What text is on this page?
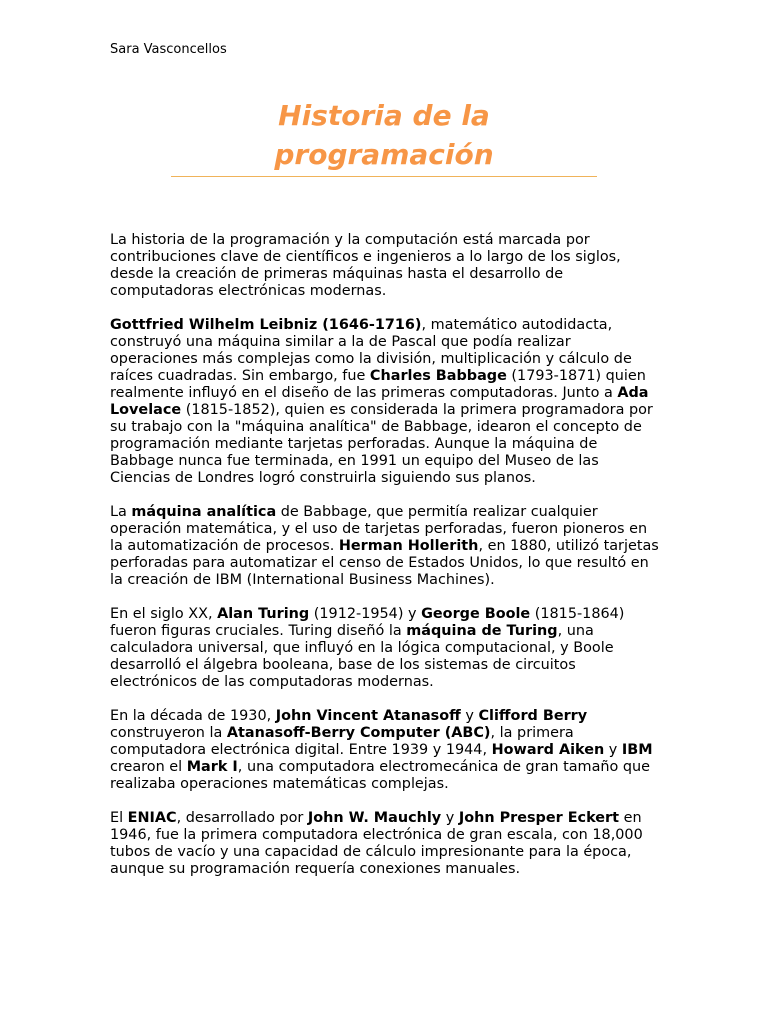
Sara Vasconcellos
Historia de la
programación

La historia de la programación y la computación está marcada por contribuciones clave de científicos e ingenieros a lo largo de los siglos, desde la creación de primeras máquinas hasta el desarrollo de computadoras electrónicas modernas.

Gottfried Wilhelm Leibniz (1646-1716), matemático autodidacta, construyó una máquina similar a la de Pascal que podía realizar operaciones más complejas como la división, multiplicación y cálculo de raíces cuadradas. Sin embargo, fue Charles Babbage (1793-1871) quien realmente influyó en el diseño de las primeras computadoras. Junto a Ada Lovelace (1815-1852), quien es considerada la primera programadora por su trabajo con la "máquina analítica" de Babbage, idearon el concepto de programación mediante tarjetas perforadas. Aunque la máquina de Babbage nunca fue terminada, en 1991 un equipo del Museo de las Ciencias de Londres logró construirla siguiendo sus planos.

La máquina analítica de Babbage, que permitía realizar cualquier operación matemática, y el uso de tarjetas perforadas, fueron pioneros en la automatización de procesos. Herman Hollerith, en 1880, utilizó tarjetas perforadas para automatizar el censo de Estados Unidos, lo que resultó en la creación de IBM (International Business Machines).

En el siglo XX, Alan Turing (1912-1954) y George Boole (1815-1864) fueron figuras cruciales. Turing diseñó la máquina de Turing, una calculadora universal, que influyó en la lógica computacional, y Boole desarrolló el álgebra booleana, base de los sistemas de circuitos electrónicos de las computadoras modernas.

En la década de 1930, John Vincent Atanasoff y Clifford Berry construyeron la Atanasoff-Berry Computer (ABC), la primera computadora electrónica digital. Entre 1939 y 1944, Howard Aiken y IBM crearon el Mark I, una computadora electromecánica de gran tamaño que realizaba operaciones matemáticas complejas.

El ENIAC, desarrollado por John W. Mauchly y John Presper Eckert en 1946, fue la primera computadora electrónica de gran escala, con 18,000 tubos de vacío y una capacidad de cálculo impresionante para la época, aunque su programación requería conexiones manuales.
